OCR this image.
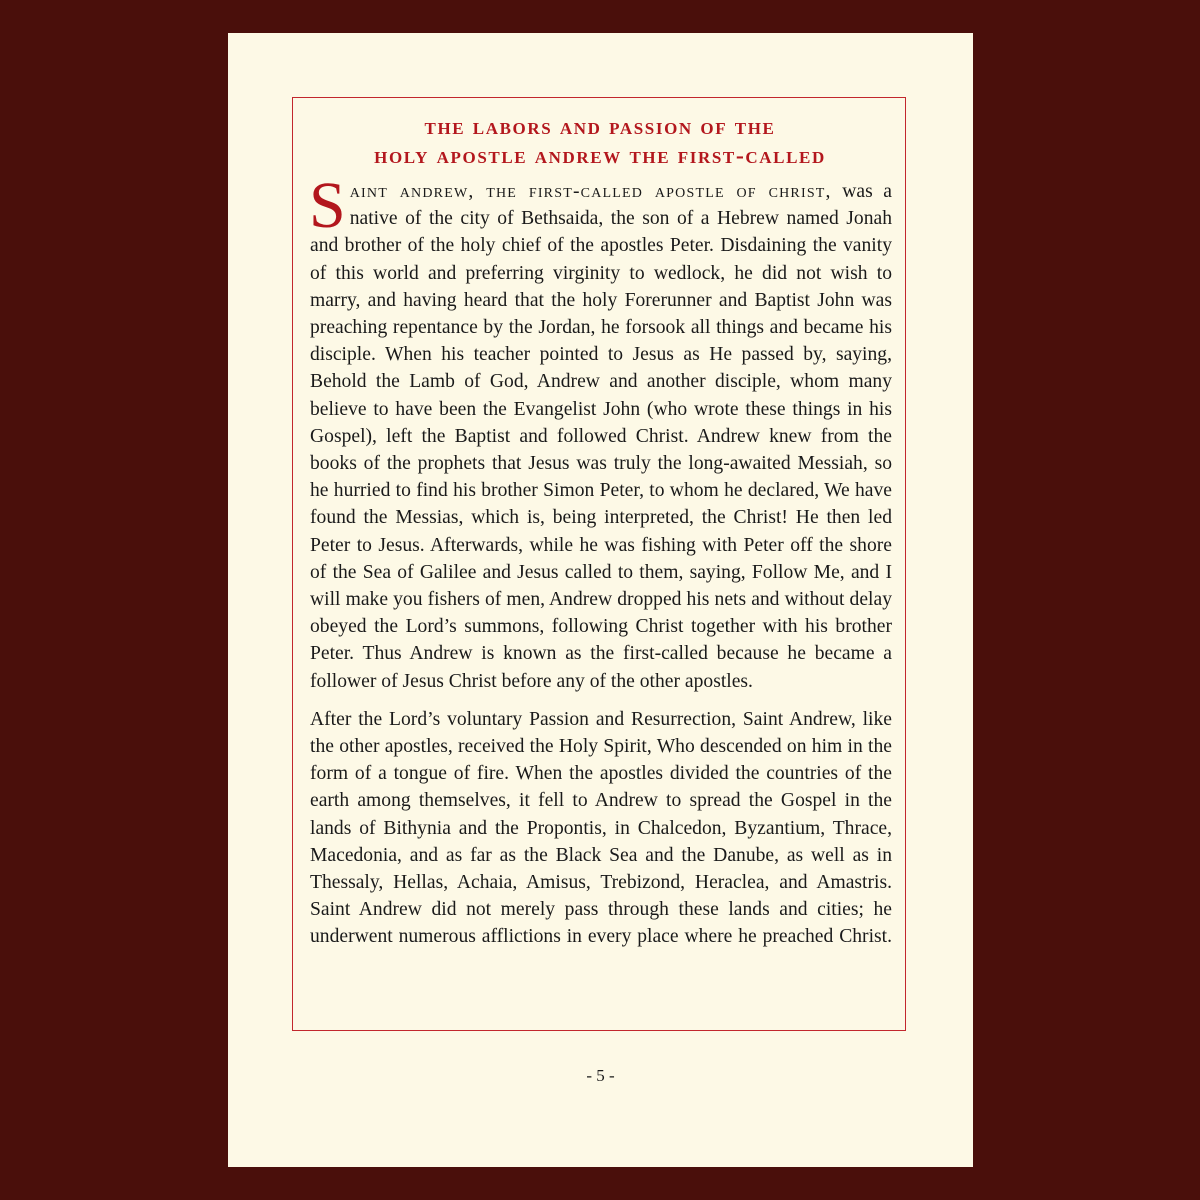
the labors and passion of the
holy apostle andrew the first-called

Saint andrew, the first-called apostle of christ, was a native of the city of Bethsaida, the son of a Hebrew named Jonah and brother of the holy chief of the apostles Peter. Disdaining the vanity of this world and preferring virginity to wedlock, he did not wish to marry, and having heard that the holy Forerunner and Baptist John was preaching repentance by the Jordan, he forsook all things and became his disciple. When his teacher pointed to Jesus as He passed by, saying, Behold the Lamb of God, Andrew and another disciple, whom many believe to have been the Evangelist John (who wrote these things in his Gospel), left the Baptist and followed Christ. Andrew knew from the books of the prophets that Jesus was truly the long-awaited Messiah, so he hurried to find his brother Simon Peter, to whom he declared, We have found the Messias, which is, being interpreted, the Christ! He then led Peter to Jesus. Afterwards, while he was fishing with Peter off the shore of the Sea of Galilee and Jesus called to them, saying, Follow Me, and I will make you fishers of men, Andrew dropped his nets and without delay obeyed the Lord’s summons, following Christ together with his brother Peter. Thus Andrew is known as the first-called because he became a follower of Jesus Christ before any of the other apostles.

After the Lord’s voluntary Passion and Resurrection, Saint Andrew, like the other apostles, received the Holy Spirit, Who descended on him in the form of a tongue of fire. When the apostles divided the countries of the earth among themselves, it fell to Andrew to spread the Gospel in the lands of Bithynia and the Propontis, in Chalcedon, Byzantium, Thrace, Macedonia, and as far as the Black Sea and the Danube, as well as in Thessaly, Hellas, Achaia, Amisus, Trebizond, Heraclea, and Amastris. Saint Andrew did not merely pass through these lands and cities; he underwent numerous afflictions in every place where he preached Christ.

- 5 -
